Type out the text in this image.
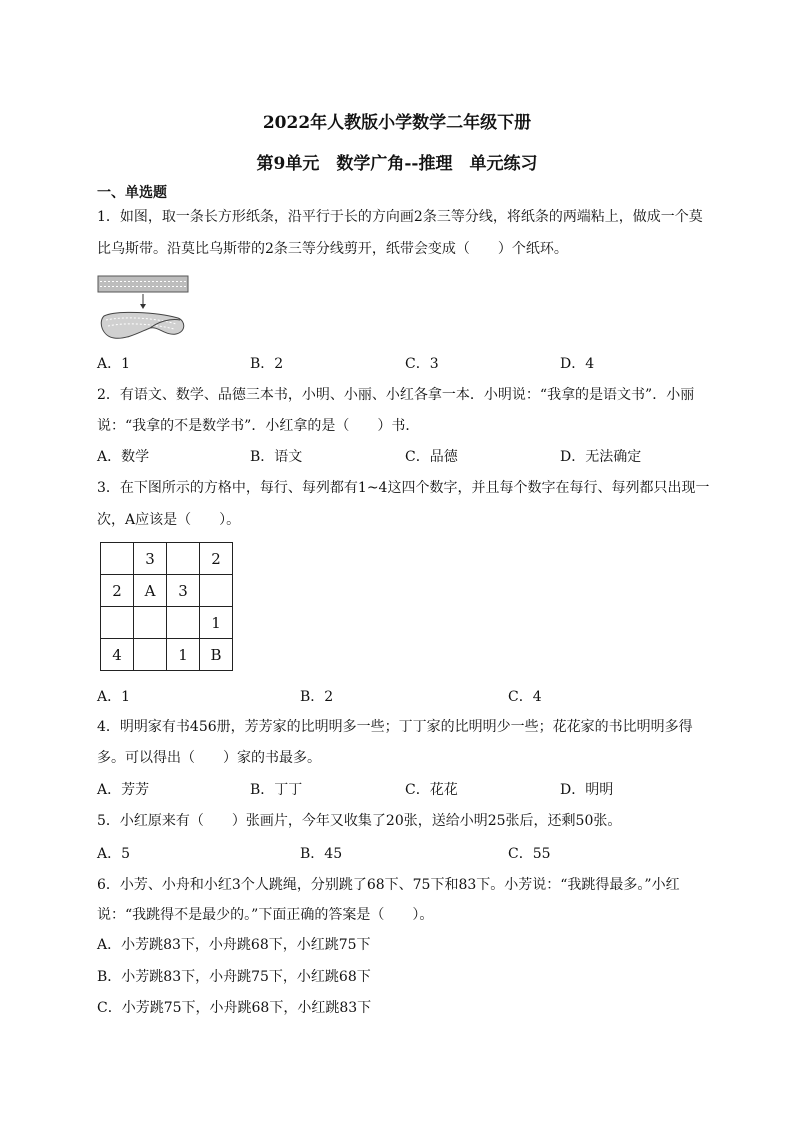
2022年人教版小学数学二年级下册
第9单元　数学广角--推理　单元练习
一、单选题
1．如图，取一条长方形纸条，沿平行于长的方向画2条三等分线，将纸条的两端粘上，做成一个莫
比乌斯带。沿莫比乌斯带的2条三等分线剪开，纸带会变成（　　）个纸环。
A．1	B．2	C．3	D．4
2．有语文、数学、品德三本书，小明、小丽、小红各拿一本．小明说：“我拿的是语文书”．小丽
说：“我拿的不是数学书”．小红拿的是（　　）书．
A．数学	B．语文	C．品德	D．无法确定
3．在下图所示的方格中，每行、每列都有1~4这四个数字，并且每个数字在每行、每列都只出现一
次，A应该是（　　）。
	3		2
2	A	3	
			1
4		1	B
A．1	B．2	C．4
4．明明家有书456册，芳芳家的比明明多一些；丁丁家的比明明少一些；花花家的书比明明多得
多。可以得出（　　）家的书最多。
A．芳芳	B．丁丁	C．花花	D．明明
5．小红原来有（　　）张画片，今年又收集了20张，送给小明25张后，还剩50张。
A．5	B．45	C．55
6．小芳、小舟和小红3个人跳绳，分别跳了68下、75下和83下。小芳说：“我跳得最多。”小红
说：“我跳得不是最少的。”下面正确的答案是（　　）。
A．小芳跳83下，小舟跳68下，小红跳75下
B．小芳跳83下，小舟跳75下，小红跳68下
C．小芳跳75下，小舟跳68下，小红跳83下
